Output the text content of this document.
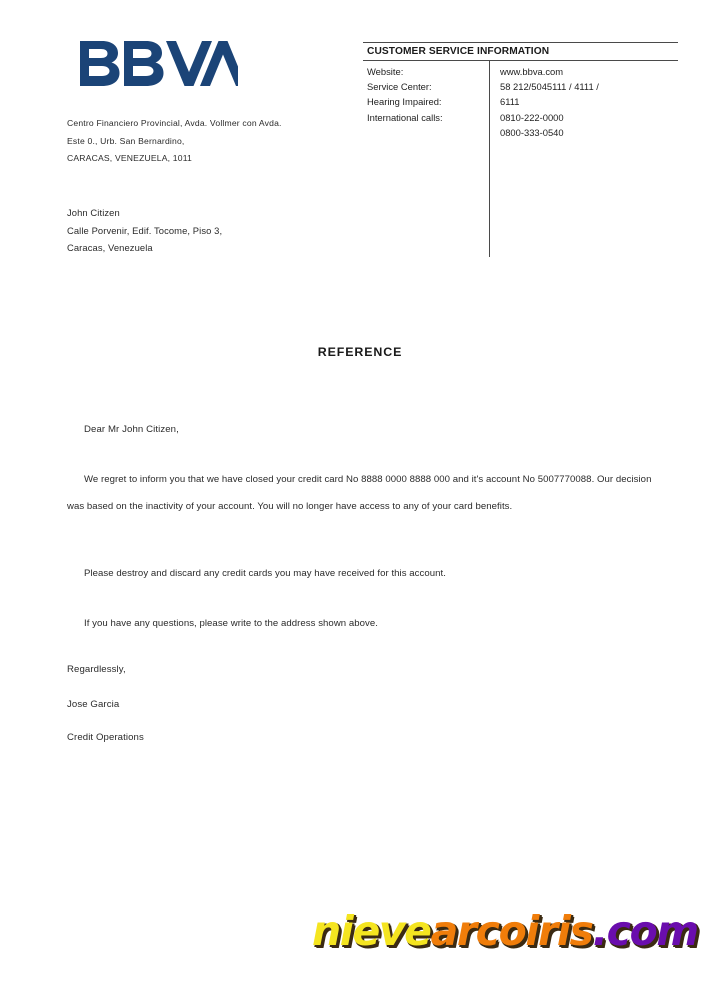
Centro Financiero Provincial, Avda. Vollmer con Avda.
Este 0., Urb. San Bernardino,
CARACAS, VENEZUELA, 1011
CUSTOMER SERVICE INFORMATION
Website:
Service Center:
Hearing Impaired:
International calls:
www.bbva.com
58 212/5045111 / 4111 /
6111
0810-222-0000
0800-333-0540
John Citizen
Calle Porvenir, Edif. Tocome, Piso 3,
Caracas, Venezuela
REFERENCE
Dear Mr John Citizen,
We regret to inform you that we have closed your credit card No 8888 0000 8888 000 and it's account No 5007770088. Our decision was based on the inactivity of your account. You will no longer have access to any of your card benefits.
Please destroy and discard any credit cards you may have received for this account.
If you have any questions, please write to the address shown above.
Regardlessly,
Jose Garcia
Credit Operations
nievearcoiris.com
